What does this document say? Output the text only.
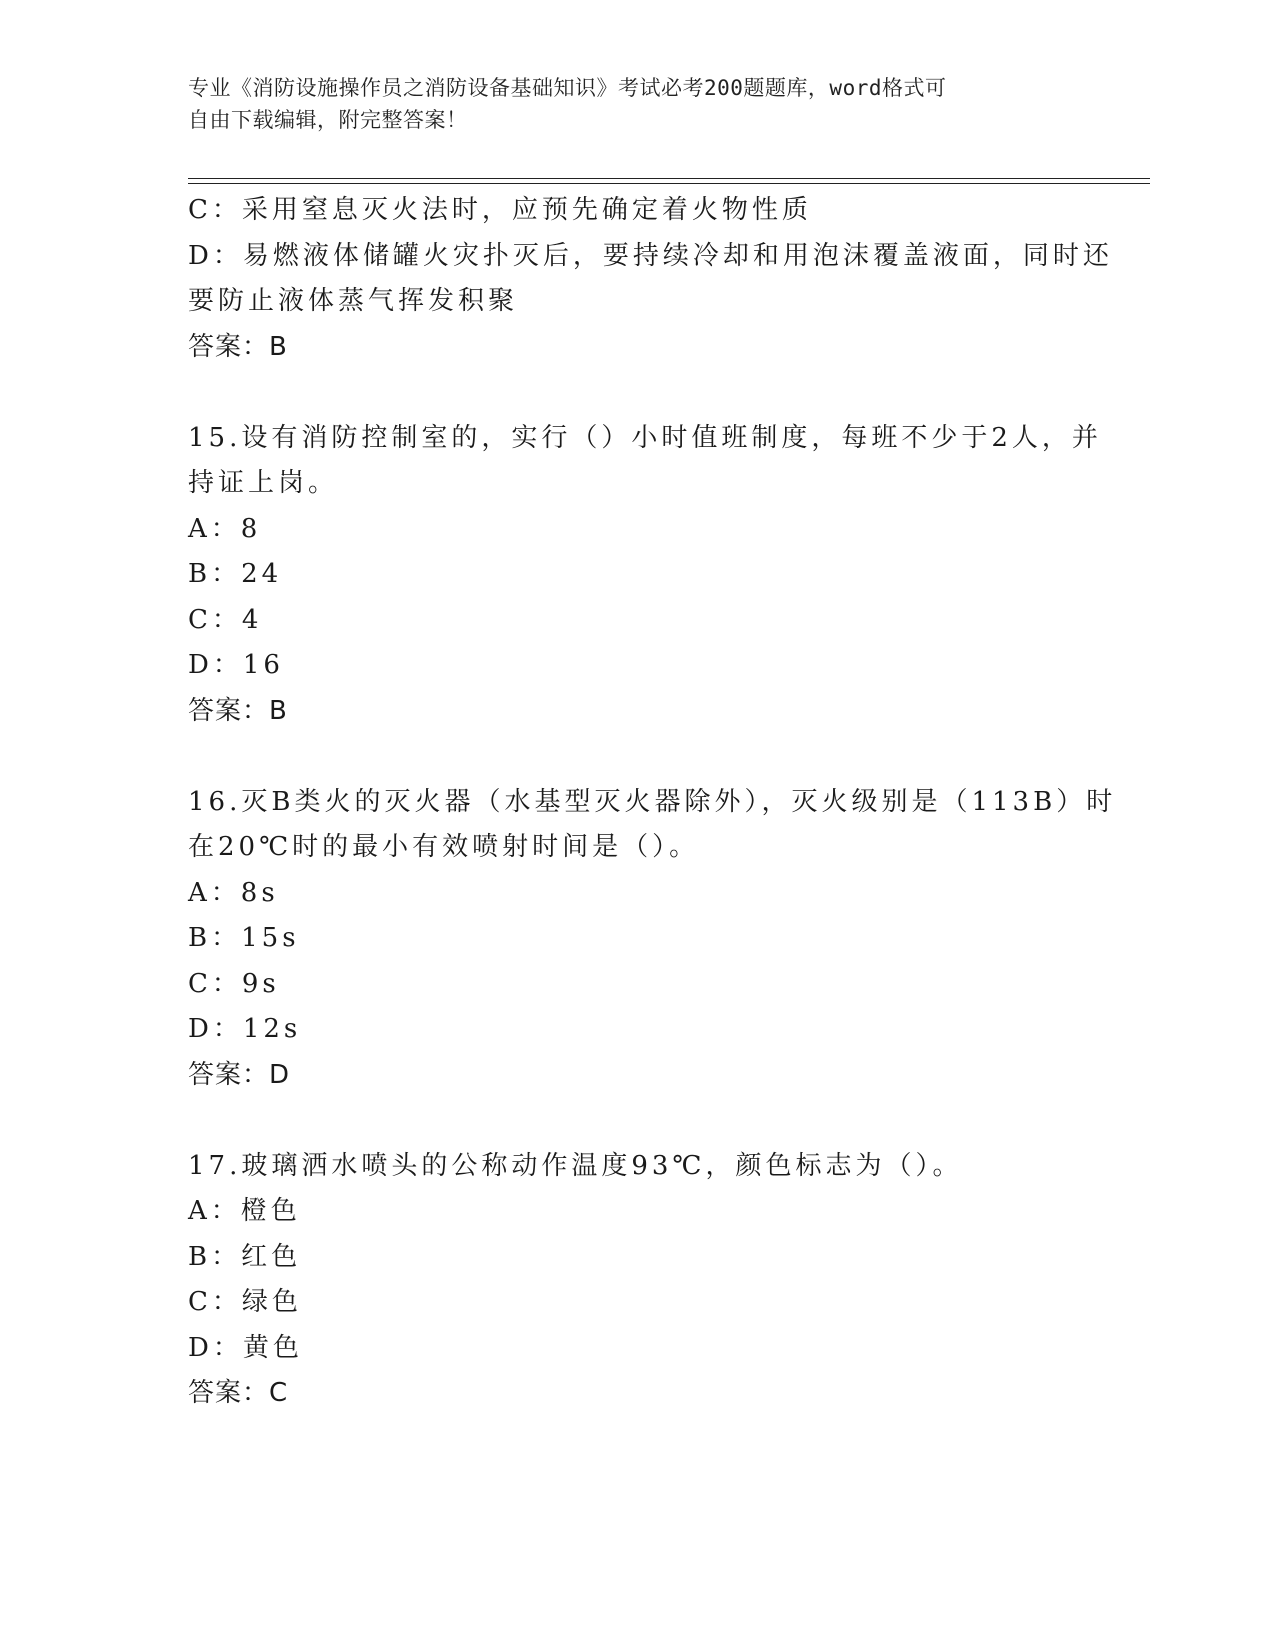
专业《消防设施操作员之消防设备基础知识》考试必考200题题库，word格式可
自由下载编辑，附完整答案！
C：采用窒息灭火法时，应预先确定着火物性质
D：易燃液体储罐火灾扑灭后，要持续冷却和用泡沫覆盖液面，同时还
要防止液体蒸气挥发积聚
答案：B
15.设有消防控制室的，实行（）小时值班制度，每班不少于2人，并
持证上岗。
A：8
B：24
C：4
D：16
答案：B
16.灭B类火的灭火器（水基型灭火器除外），灭火级别是（113B）时
在20℃时的最小有效喷射时间是（）。
A：8s
B：15s
C：9s
D：12s
答案：D
17.玻璃洒水喷头的公称动作温度93℃，颜色标志为（）。
A：橙色
B：红色
C：绿色
D：黄色
答案：C
